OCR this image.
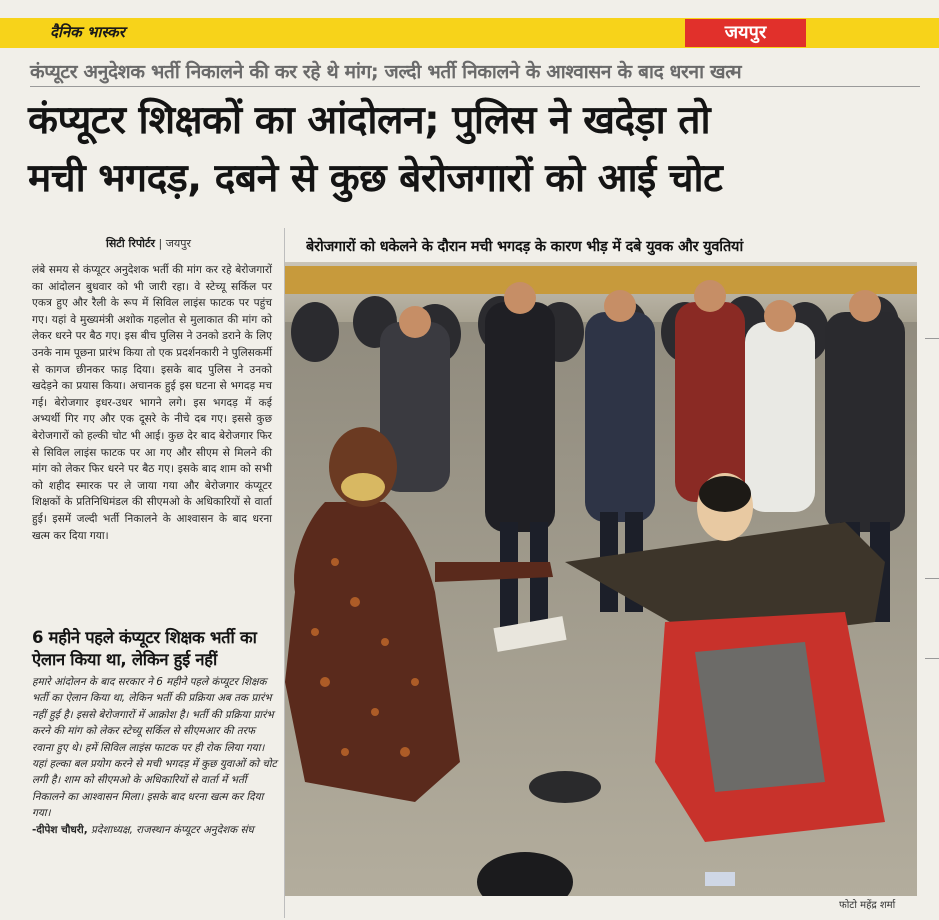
दैनिक भास्कर	जयपुर
कंप्यूटर अनुदेशक भर्ती निकालने की कर रहे थे मांग; जल्दी भर्ती निकालने के आश्वासन के बाद धरना खत्म
कंप्यूटर शिक्षकों का आंदोलन; पुलिस ने खदेड़ा तो
मची भगदड़, दबने से कुछ बेरोजगारों को आई चोट
सिटी रिपोर्टर | जयपुर	बेरोजगारों को धकेलने के दौरान मची भगदड़ के कारण भीड़ में दबे युवक और युवतियां
लंबे समय से कंप्यूटर अनुदेशक भर्ती की मांग कर रहे बेरोजगारों का आंदोलन बुधवार को भी जारी रहा। वे स्टेच्यू सर्किल पर एकत्र हुए और रैली के रूप में सिविल लाइंस फाटक पर पहुंच गए। यहां वे मुख्यमंत्री अशोक गहलोत से मुलाकात की मांग को लेकर धरने पर बैठ गए। इस बीच पुलिस ने उनको डराने के लिए उनके नाम पूछना प्रारंभ किया तो एक प्रदर्शनकारी ने पुलिसकर्मी से कागज छीनकर फाड़ दिया। इसके बाद पुलिस ने उनको खदेड़ने का प्रयास किया। अचानक हुई इस घटना से भगदड़ मच गई। बेरोजगार इधर-उधर भागने लगे। इस भगदड़ में कई अभ्यर्थी गिर गए और एक दूसरे के नीचे दब गए। इससे कुछ बेरोजगारों को हल्की चोट भी आई। कुछ देर बाद बेरोजगार फिर से सिविल लाइंस फाटक पर आ गए और सीएम से मिलने की मांग को लेकर फिर धरने पर बैठ गए। इसके बाद शाम को सभी को शहीद स्मारक पर ले जाया गया और बेरोजगार कंप्यूटर शिक्षकों के प्रतिनिधिमंडल की सीएमओ के अधिकारियों से वार्ता हुई। इसमें जल्दी भर्ती निकालने के आश्वासन के बाद धरना खत्म कर दिया गया।
6 महीने पहले कंप्यूटर शिक्षक भर्ती का ऐलान किया था, लेकिन हुई नहीं
हमारे आंदोलन के बाद सरकार ने 6 महीने पहले कंप्यूटर शिक्षक भर्ती का ऐलान किया था, लेकिन भर्ती की प्रक्रिया अब तक प्रारंभ नहीं हुई है। इससे बेरोजगारों में आक्रोश है। भर्ती की प्रक्रिया प्रारंभ करने की मांग को लेकर स्टेच्यू सर्किल से सीएमआर की तरफ रवाना हुए थे। हमें सिविल लाइंस फाटक पर ही रोक लिया गया। यहां हल्का बल प्रयोग करने से मची भगदड़ में कुछ युवाओं को चोट लगी है। शाम को सीएमओ के अधिकारियों से वार्ता में भर्ती निकालने का आश्वासन मिला। इसके बाद धरना खत्म कर दिया गया।
-दीपेश चौधरी, प्रदेशाध्यक्ष, राजस्थान कंप्यूटर अनुदेशक संघ
फोटो महेंद्र शर्मा
